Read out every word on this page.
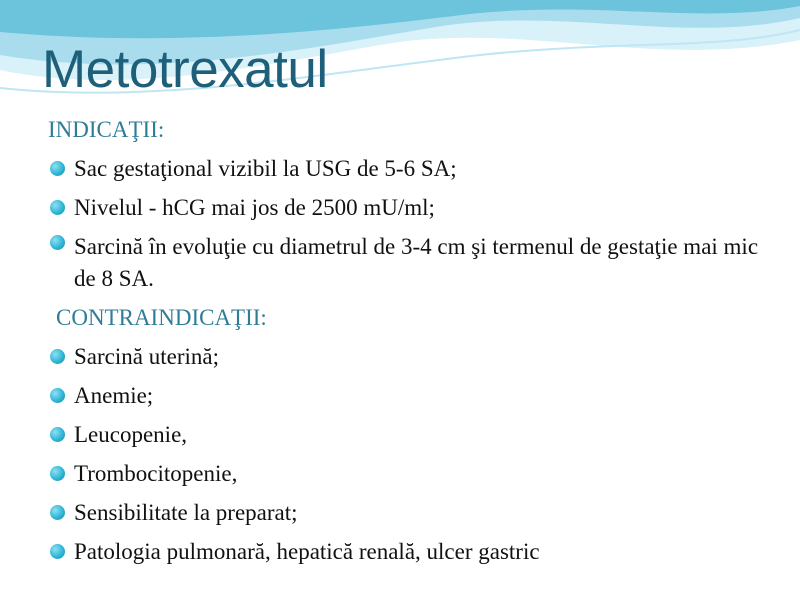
Metotrexatul
INDICAŢII:
Sac gestaţional vizibil la USG de 5-6 SA;
Nivelul - hCG mai jos de 2500 mU/ml;
Sarcină în evoluţie cu diametrul de 3-4 cm şi termenul de gestaţie mai mic de 8 SA.
CONTRAINDICAŢII:
Sarcină uterină;
Anemie;
Leucopenie,
Trombocitopenie,
Sensibilitate la preparat;
Patologia pulmonară, hepatică renală, ulcer gastric
